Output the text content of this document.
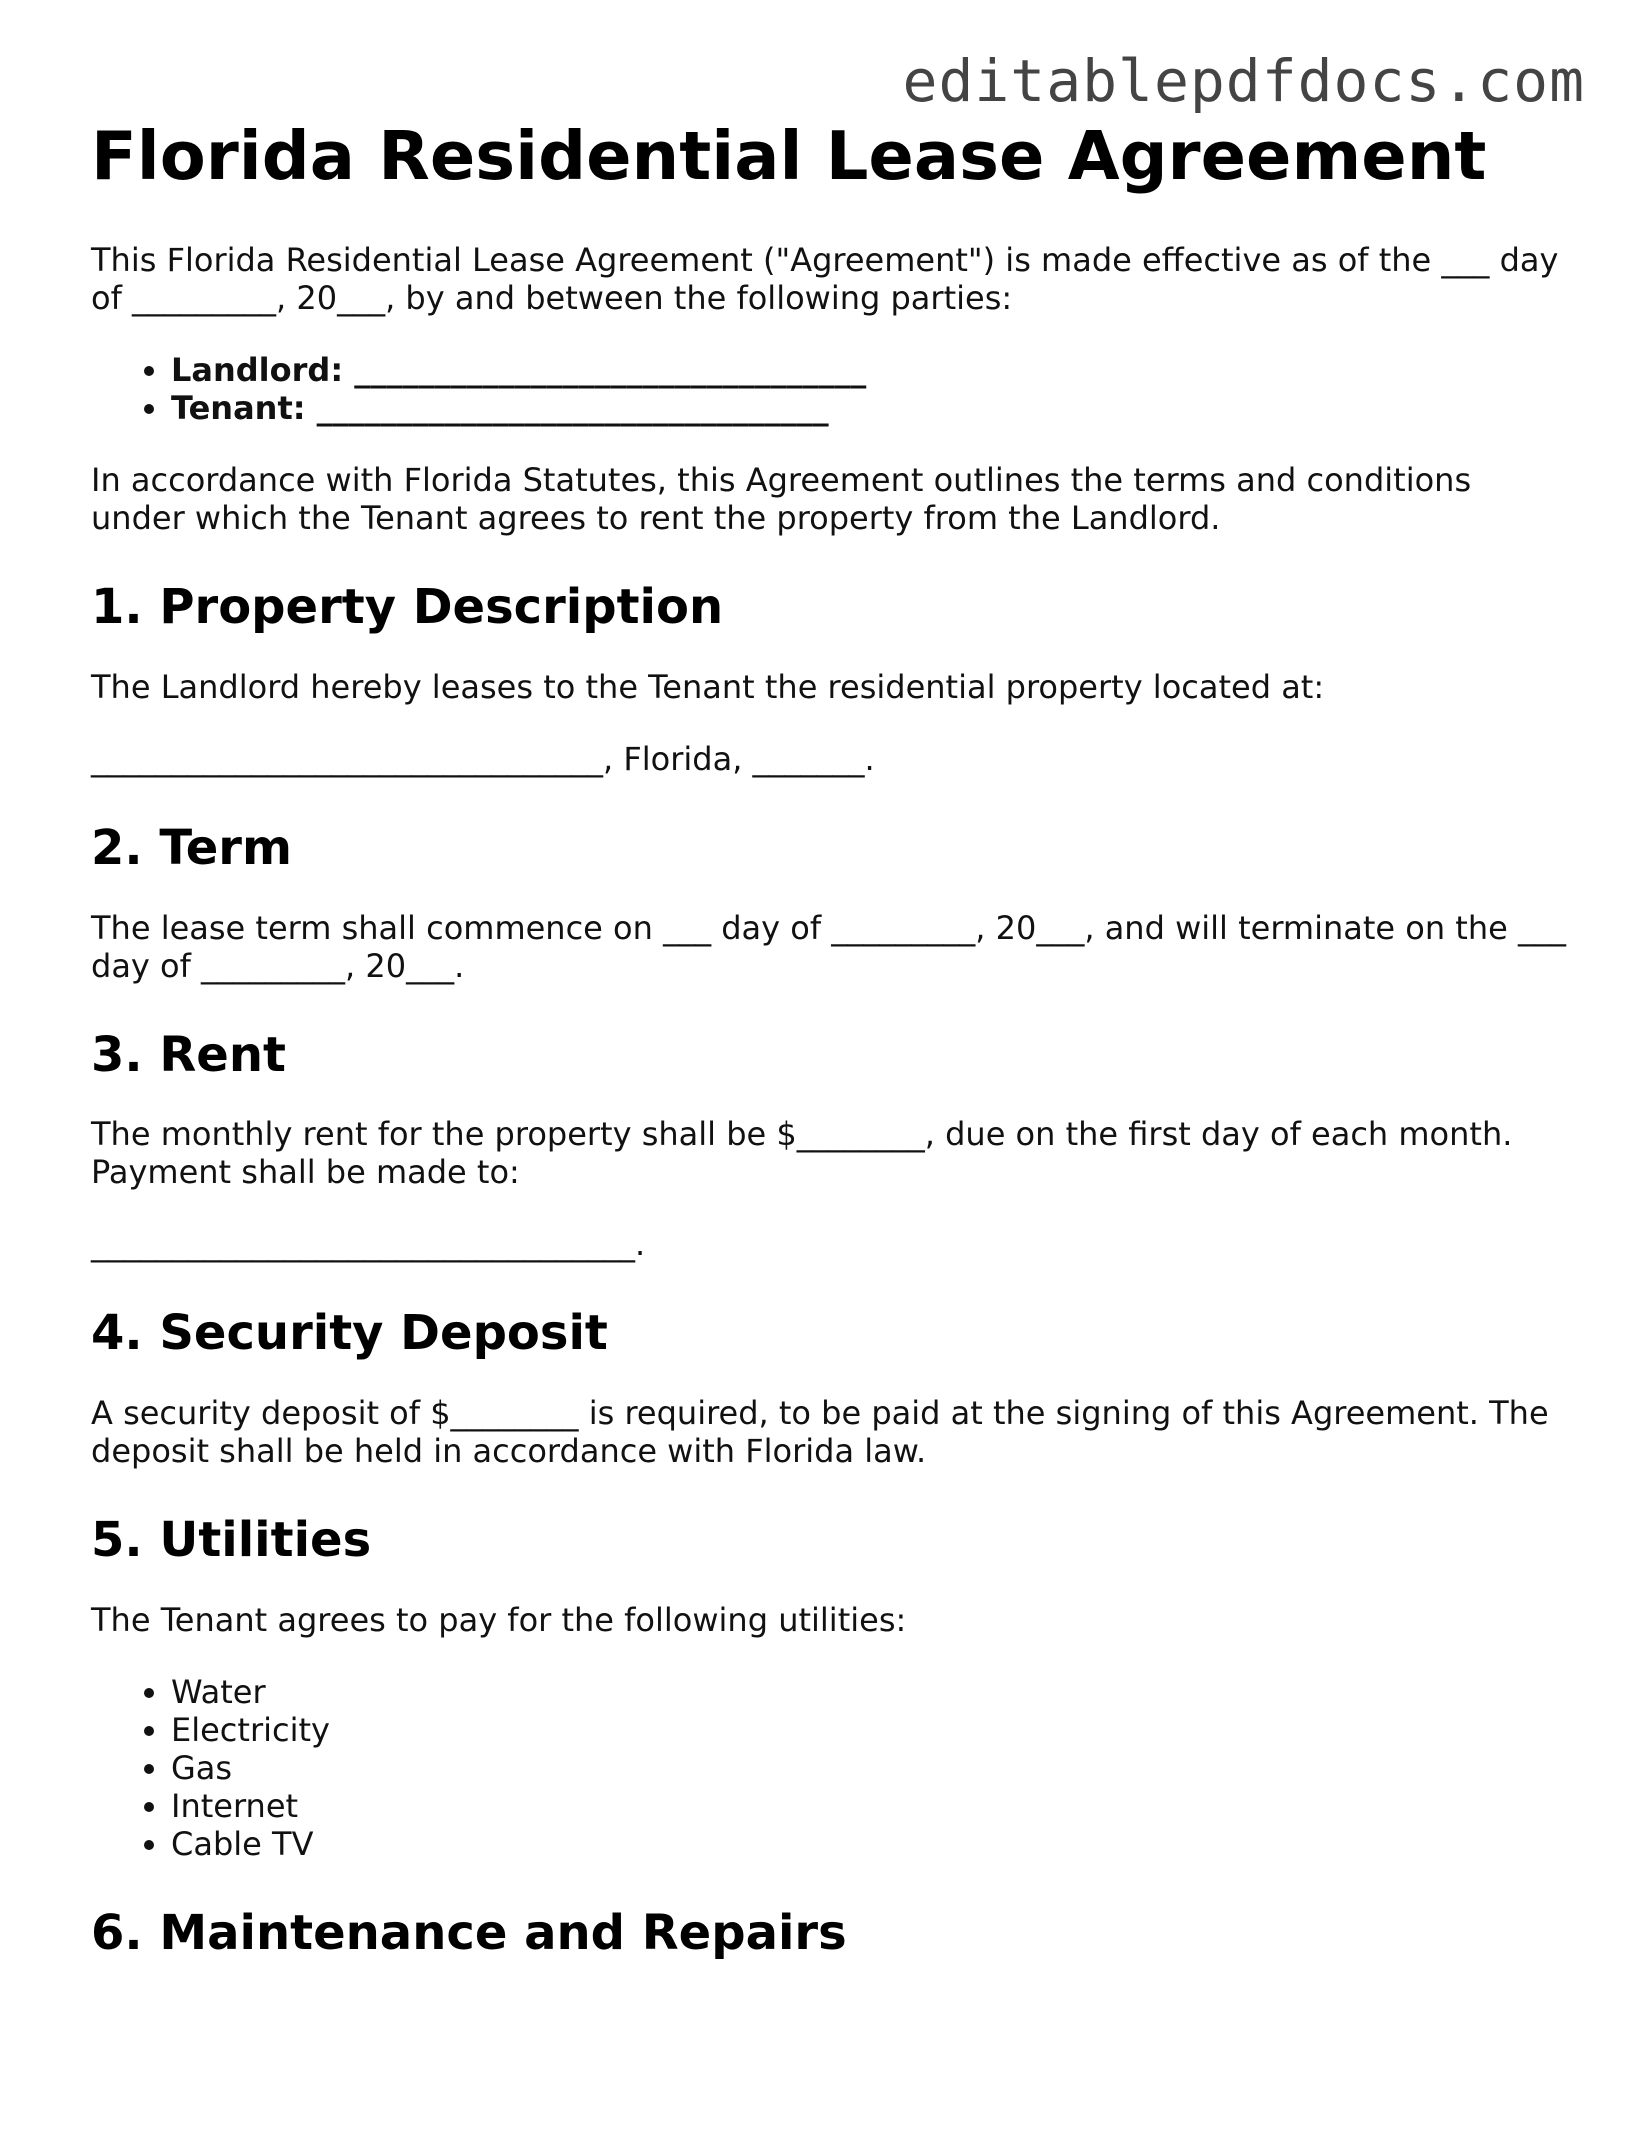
editablepdfdocs.com
Florida Residential Lease Agreement

This Florida Residential Lease Agreement ("Agreement") is made effective as of the ___ day of _________, 20___, by and between the following parties:

• Landlord: ________________________________
• Tenant: ________________________________

In accordance with Florida Statutes, this Agreement outlines the terms and conditions under which the Tenant agrees to rent the property from the Landlord.

1. Property Description

The Landlord hereby leases to the Tenant the residential property located at:

________________________________, Florida, _______.

2. Term

The lease term shall commence on ___ day of _________, 20___, and will terminate on the ___ day of _________, 20___.

3. Rent

The monthly rent for the property shall be $________, due on the first day of each month. Payment shall be made to:

__________________________________.

4. Security Deposit

A security deposit of $________ is required, to be paid at the signing of this Agreement. The deposit shall be held in accordance with Florida law.

5. Utilities

The Tenant agrees to pay for the following utilities:

• Water
• Electricity
• Gas
• Internet
• Cable TV
6. Maintenance and Repairs
